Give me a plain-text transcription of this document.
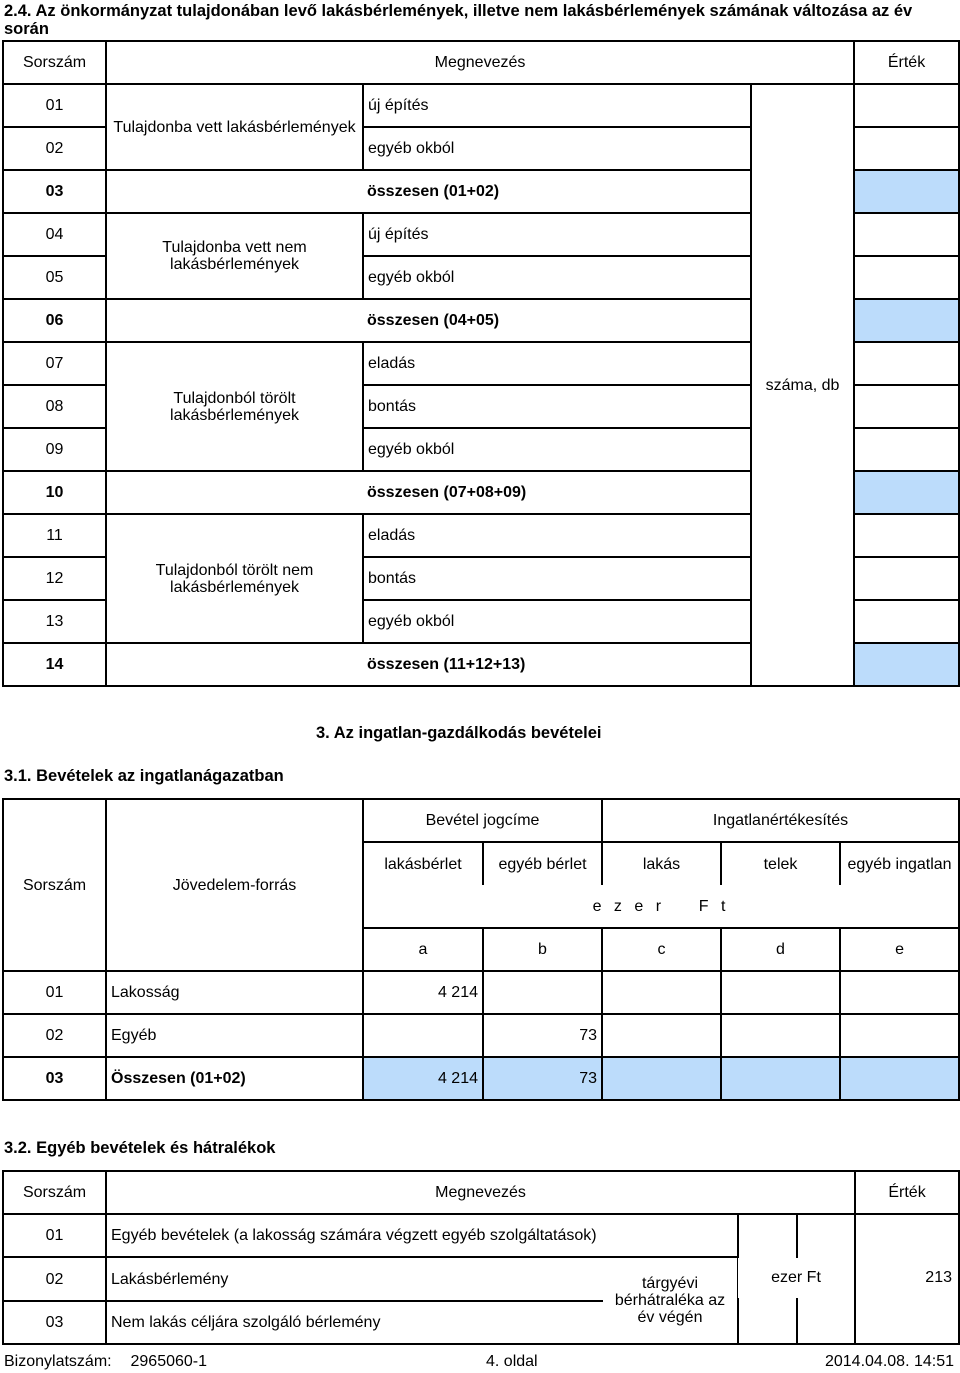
2.4. Az önkormányzat tulajdonában levő lakásbérlemények, illetve nem lakásbérlemények számának változása az év során
Sorszám	Megnevezés			Érték
01	Tulajdonba vett lakásbérlemények	új építés	száma, db	
02		egyéb okból		
03		összesen (01+02)		
04	Tulajdonba vett nem lakásbérlemények	új építés		
05		egyéb okból		
06		összesen (04+05)		
07	Tulajdonból törölt lakásbérlemények	eladás		
08		bontás		
09		egyéb okból		
10		összesen (07+08+09)		
11	Tulajdonból törölt nem lakásbérlemények	eladás		
12		bontás		
13		egyéb okból		
14		összesen (11+12+13)		
3. Az ingatlan-gazdálkodás bevételei
3.1. Bevételek az ingatlanágazatban
Sorszám	Jövedelem-forrás	Bevétel jogcíme		Ingatlanértékesítés		
		lakásbérlet	egyéb bérlet	lakás	telek	egyéb ingatlan
		e z e r    F t				
		a	b	c	d	e
01	Lakosság	4 214				
02	Egyéb		73			
03	Összesen (01+02)	4 214	73			
3.2. Egyéb bevételek és hátralékok
Sorszám	Megnevezés			Érték
01	Egyéb bevételek (a lakosság számára végzett egyéb szolgáltatások)		

02	Lakásbérlemény	tárgyévi bérhátraléka az év végén		
03	Nem lakás céljára szolgáló bérlemény			
ezer Ft	213
Bizonylatszám: 2965060-1	4. oldal	2014.04.08. 14:51
